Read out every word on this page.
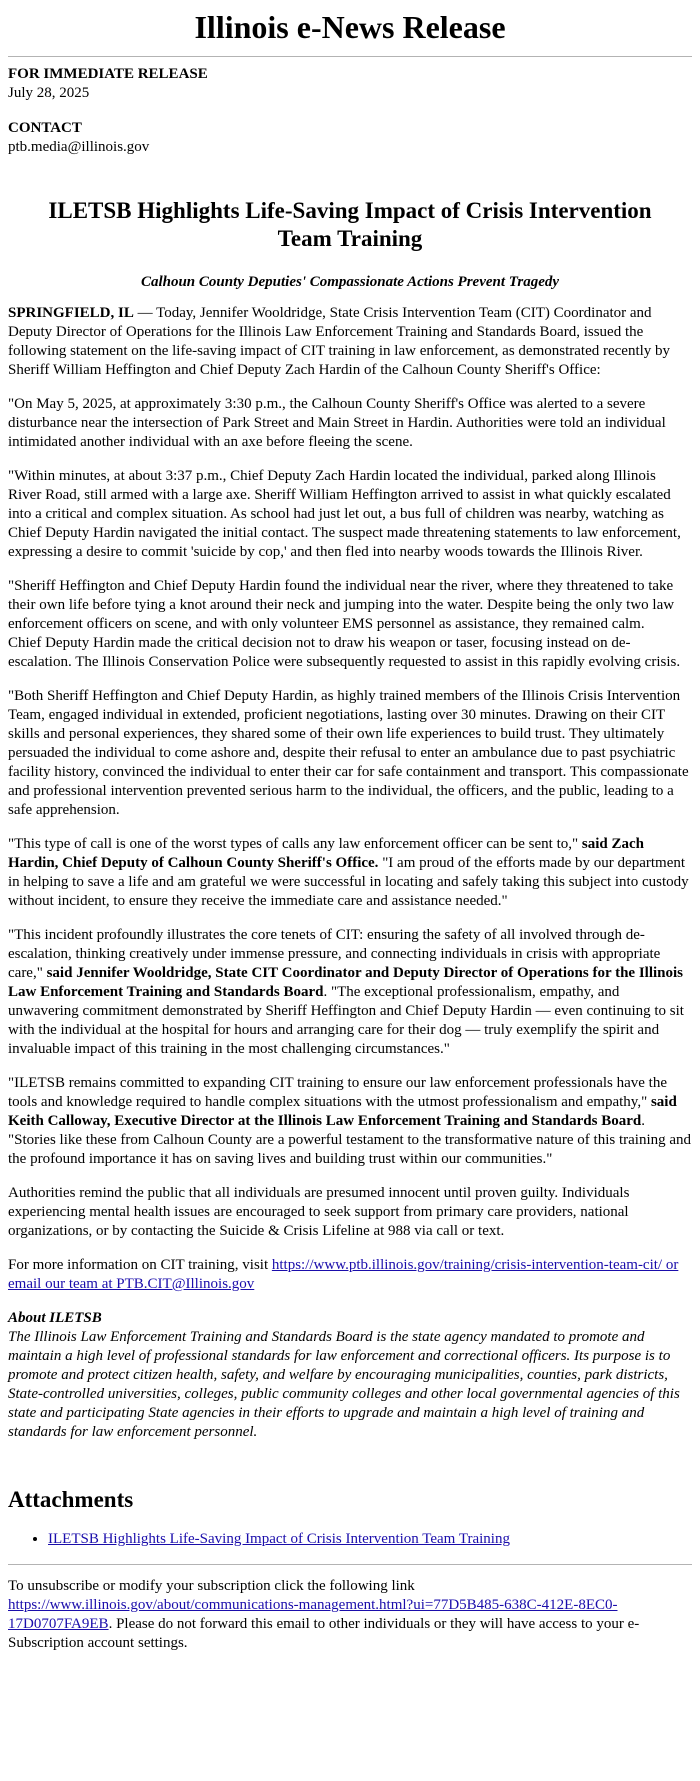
Illinois e-News Release
FOR IMMEDIATE RELEASE
July 28, 2025
CONTACT
ptb.media@illinois.gov
ILETSB Highlights Life-Saving Impact of Crisis Intervention Team Training
Calhoun County Deputies' Compassionate Actions Prevent Tragedy

SPRINGFIELD, IL — Today, Jennifer Wooldridge, State Crisis Intervention Team (CIT) Coordinator and Deputy Director of Operations for the Illinois Law Enforcement Training and Standards Board, issued the following statement on the life-saving impact of CIT training in law enforcement, as demonstrated recently by Sheriff William Heffington and Chief Deputy Zach Hardin of the Calhoun County Sheriff's Office:

"On May 5, 2025, at approximately 3:30 p.m., the Calhoun County Sheriff's Office was alerted to a severe disturbance near the intersection of Park Street and Main Street in Hardin. Authorities were told an individual intimidated another individual with an axe before fleeing the scene.

"Within minutes, at about 3:37 p.m., Chief Deputy Zach Hardin located the individual, parked along Illinois River Road, still armed with a large axe. Sheriff William Heffington arrived to assist in what quickly escalated into a critical and complex situation. As school had just let out, a bus full of children was nearby, watching as Chief Deputy Hardin navigated the initial contact. The suspect made threatening statements to law enforcement, expressing a desire to commit 'suicide by cop,' and then fled into nearby woods towards the Illinois River.

"Sheriff Heffington and Chief Deputy Hardin found the individual near the river, where they threatened to take their own life before tying a knot around their neck and jumping into the water. Despite being the only two law enforcement officers on scene, and with only volunteer EMS personnel as assistance, they remained calm.

Chief Deputy Hardin made the critical decision not to draw his weapon or taser, focusing instead on de-escalation. The Illinois Conservation Police were subsequently requested to assist in this rapidly evolving crisis.

"Both Sheriff Heffington and Chief Deputy Hardin, as highly trained members of the Illinois Crisis Intervention Team, engaged individual in extended, proficient negotiations, lasting over 30 minutes. Drawing on their CIT skills and personal experiences, they shared some of their own life experiences to build trust. They ultimately persuaded the individual to come ashore and, despite their refusal to enter an ambulance due to past psychiatric facility history, convinced the individual to enter their car for safe containment and transport. This compassionate and professional intervention prevented serious harm to the individual, the officers, and the public, leading to a safe apprehension.

"This type of call is one of the worst types of calls any law enforcement officer can be sent to," said Zach Hardin, Chief Deputy of Calhoun County Sheriff's Office. "I am proud of the efforts made by our department in helping to save a life and am grateful we were successful in locating and safely taking this subject into custody without incident, to ensure they receive the immediate care and assistance needed."

"This incident profoundly illustrates the core tenets of CIT: ensuring the safety of all involved through de-escalation, thinking creatively under immense pressure, and connecting individuals in crisis with appropriate care," said Jennifer Wooldridge, State CIT Coordinator and Deputy Director of Operations for the Illinois Law Enforcement Training and Standards Board. "The exceptional professionalism, empathy, and unwavering commitment demonstrated by Sheriff Heffington and Chief Deputy Hardin — even continuing to sit with the individual at the hospital for hours and arranging care for their dog — truly exemplify the spirit and invaluable impact of this training in the most challenging circumstances."

"ILETSB remains committed to expanding CIT training to ensure our law enforcement professionals have the tools and knowledge required to handle complex situations with the utmost professionalism and empathy," said Keith Calloway, Executive Director at the Illinois Law Enforcement Training and Standards Board. "Stories like these from Calhoun County are a powerful testament to the transformative nature of this training and the profound importance it has on saving lives and building trust within our communities."

Authorities remind the public that all individuals are presumed innocent until proven guilty. Individuals experiencing mental health issues are encouraged to seek support from primary care providers, national organizations, or by contacting the Suicide & Crisis Lifeline at 988 via call or text.

For more information on CIT training, visit https://www.ptb.illinois.gov/training/crisis-intervention-team-cit/ or email our team at PTB.CIT@Illinois.gov

About ILETSB
The Illinois Law Enforcement Training and Standards Board is the state agency mandated to promote and maintain a high level of professional standards for law enforcement and correctional officers. Its purpose is to promote and protect citizen health, safety, and welfare by encouraging municipalities, counties, park districts, State-controlled universities, colleges, public community colleges and other local governmental agencies of this state and participating State agencies in their efforts to upgrade and maintain a high level of training and standards for law enforcement personnel.
Attachments
• ILETSB Highlights Life-Saving Impact of Crisis Intervention Team Training

To unsubscribe or modify your subscription click the following link
https://www.illinois.gov/about/communications-management.html?ui=77D5B485-638C-412E-8EC0-17D0707FA9EB. Please do not forward this email to other individuals or they will have access to your e-Subscription account settings.
